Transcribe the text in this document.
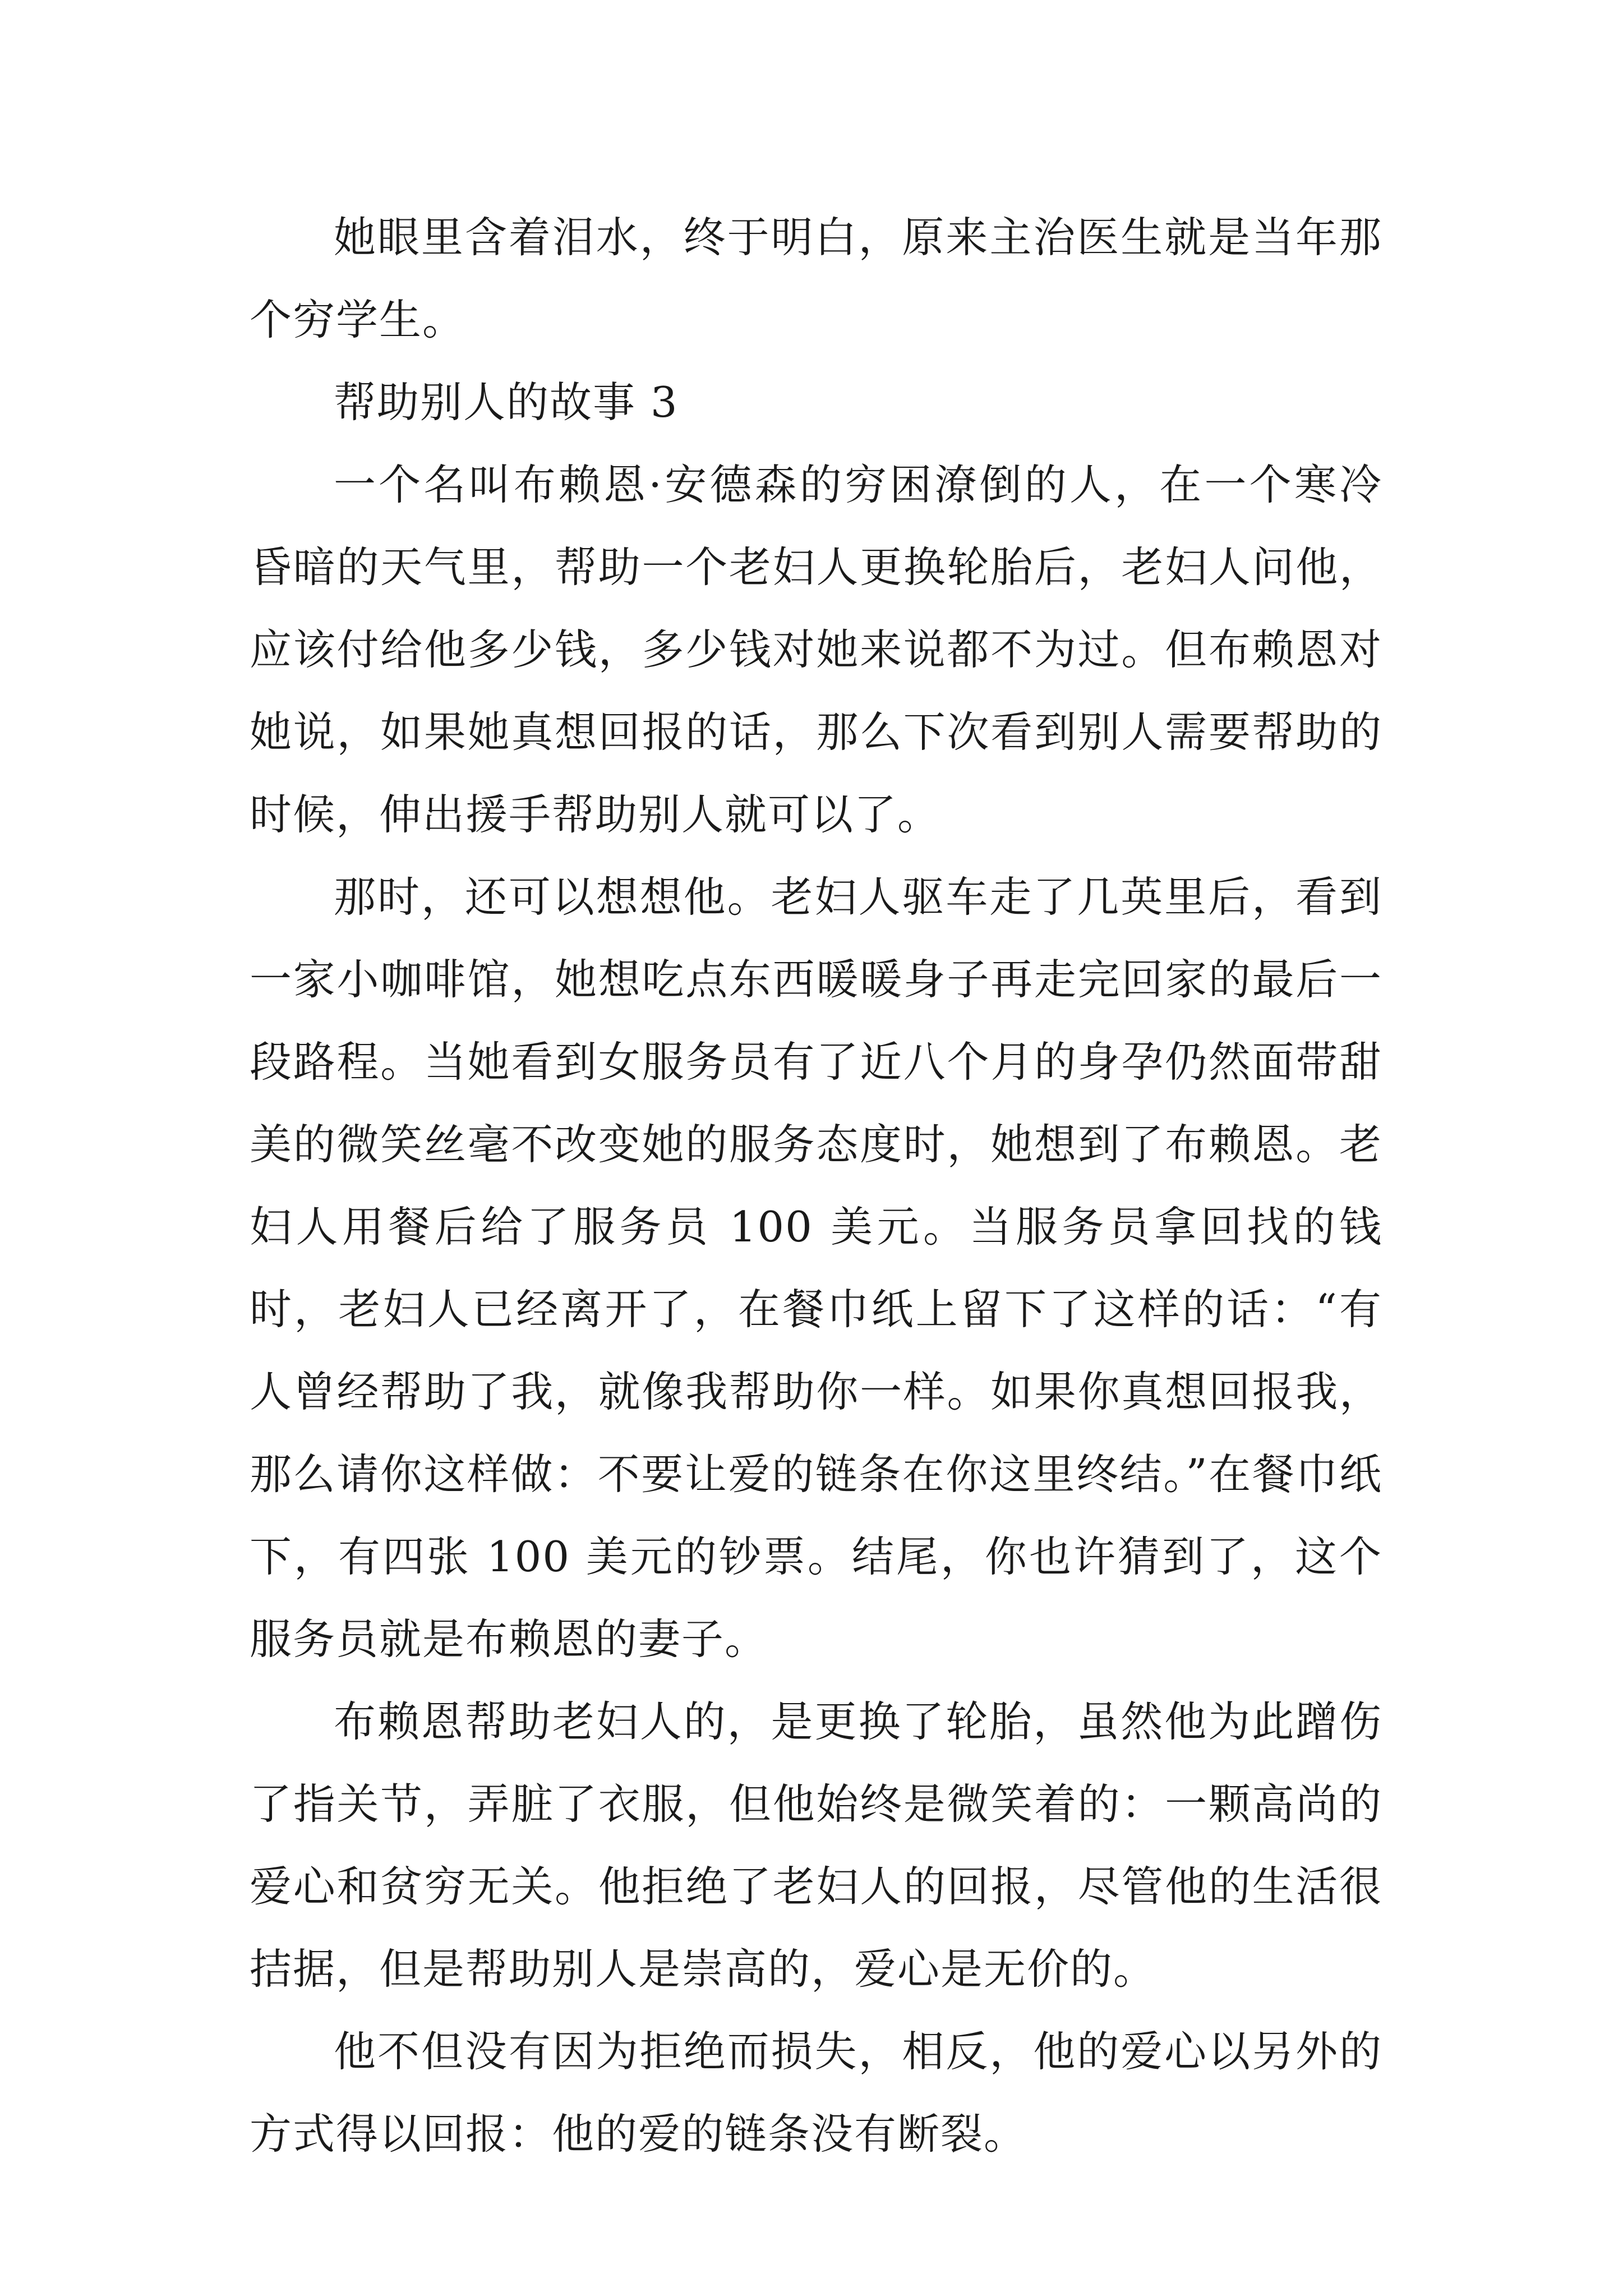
她眼里含着泪水，终于明白，原来主治医生就是当年那个穷学生。

帮助别人的故事 3

一个名叫布赖恩·安德森的穷困潦倒的人，在一个寒冷昏暗的天气里，帮助一个老妇人更换轮胎后，老妇人问他，应该付给他多少钱，多少钱对她来说都不为过。但布赖恩对她说，如果她真想回报的话，那么下次看到别人需要帮助的时候，伸出援手帮助别人就可以了。

那时，还可以想想他。老妇人驱车走了几英里后，看到一家小咖啡馆，她想吃点东西暖暖身子再走完回家的最后一段路程。当她看到女服务员有了近八个月的身孕仍然面带甜美的微笑丝毫不改变她的服务态度时，她想到了布赖恩。老妇人用餐后给了服务员 100 美元。当服务员拿回找的钱时，老妇人已经离开了，在餐巾纸上留下了这样的话：“有人曾经帮助了我，就像我帮助你一样。如果你真想回报我，那么请你这样做：不要让爱的链条在你这里终结。”在餐巾纸下，有四张 100 美元的钞票。结尾，你也许猜到了，这个服务员就是布赖恩的妻子。

布赖恩帮助老妇人的，是更换了轮胎，虽然他为此蹭伤了指关节，弄脏了衣服，但他始终是微笑着的：一颗高尚的爱心和贫穷无关。他拒绝了老妇人的回报，尽管他的生活很拮据，但是帮助别人是崇高的，爱心是无价的。

他不但没有因为拒绝而损失，相反，他的爱心以另外的方式得以回报：他的爱的链条没有断裂。
